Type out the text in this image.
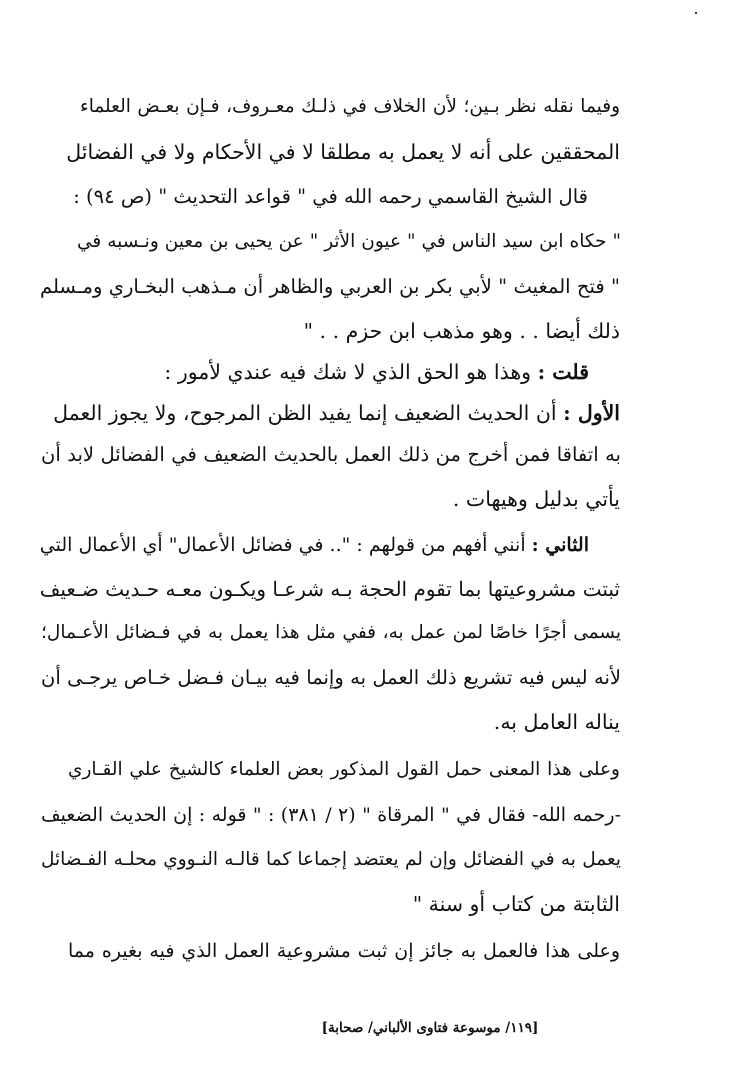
وفيما نقله نظر بـين؛ لأن الخلاف في ذلـك معـروف، فـإن بعـض العلماء
المحققين على أنه لا يعمل به مطلقا لا في الأحكام ولا في الفضائل
قال الشيخ القاسمي رحمه الله في " قواعد التحديث " (ص ٩٤) :
" حكاه ابن سيد الناس في " عيون الأثر " عن يحيى بن معين ونـسبه في
" فتح المغيث " لأبي بكر بن العربي والظاهر أن مـذهب البخـاري ومـسلم
ذلك أيضا . . وهو مذهب ابن حزم . . "
قلت : وهذا هو الحق الذي لا شك فيه عندي لأمور :
الأول : أن الحديث الضعيف إنما يفيد الظن المرجوح، ولا يجوز العمل
به اتفاقا فمن أخرج من ذلك العمل بالحديث الضعيف في الفضائل لابد أن
يأتي بدليل وهيهات .
الثاني : أنني أفهم من قولهم : ".. في فضائل الأعمال" أي الأعمال التي
ثبتت مشروعيتها بما تقوم الحجة بـه شرعـا ويكـون معـه حـديث ضـعيف
يسمى أجرًا خاصًا لمن عمل به، ففي مثل هذا يعمل به في فـضائل الأعـمال؛
لأنه ليس فيه تشريع ذلك العمل به وإنما فيه بيـان فـضل خـاص يرجـى أن
يناله العامل به.
وعلى هذا المعنى حمل القول المذكور بعض العلماء كالشيخ علي القـاري
-رحمه الله- فقال في " المرقاة " (٢ / ٣٨١) : " قوله : إن الحديث الضعيف
يعمل به في الفضائل وإن لم يعتضد إجماعا كما قالـه النـووي محلـه الفـضائل
الثابتة من كتاب أو سنة "
وعلى هذا فالعمل به جائز إن ثبت مشروعية العمل الذي فيه بغيره مما
[١١٩/ موسوعة فتاوى الألباني/ صحابة]
